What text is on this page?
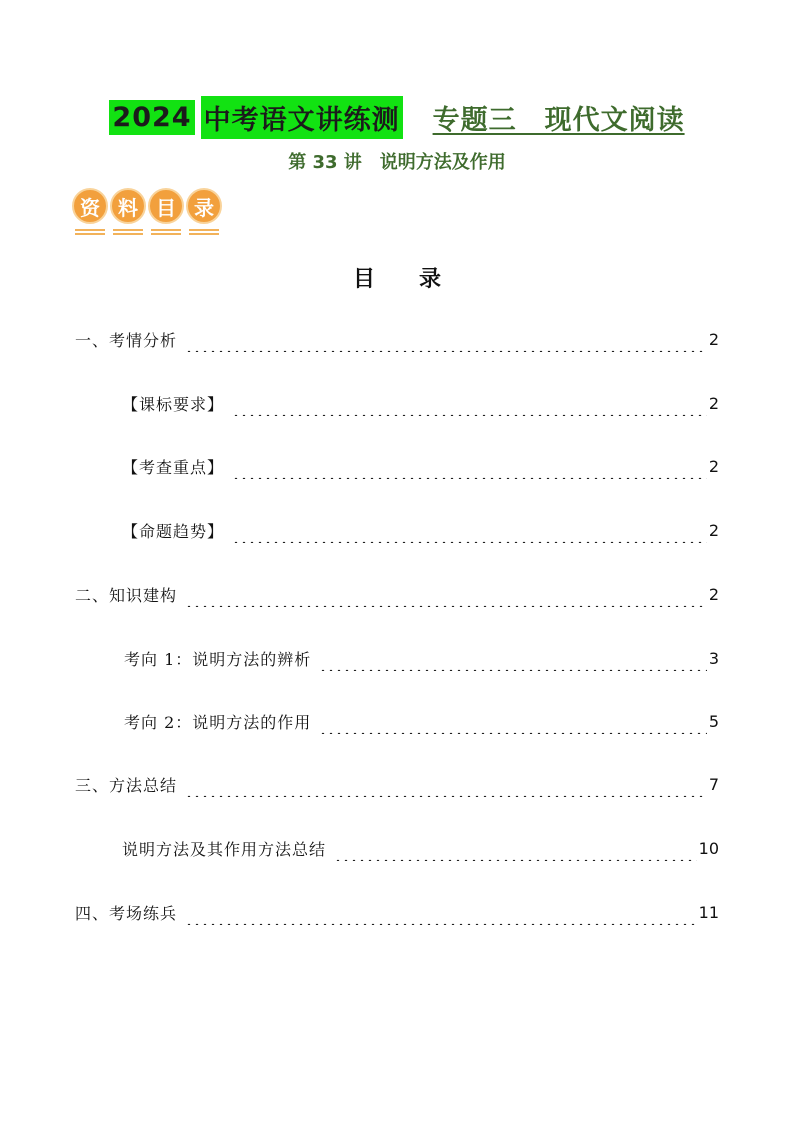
2024 中考语文讲练测 专题三　现代文阅读
第 33 讲　说明方法及作用
资 料 目 录
目　　录
一、考情分析	2
【课标要求】	2
【考查重点】	2
【命题趋势】	2
二、知识建构	2
考向 1：说明方法的辨析	3
考向 2：说明方法的作用	5
三、方法总结	7
说明方法及其作用方法总结	10
四、考场练兵	11
